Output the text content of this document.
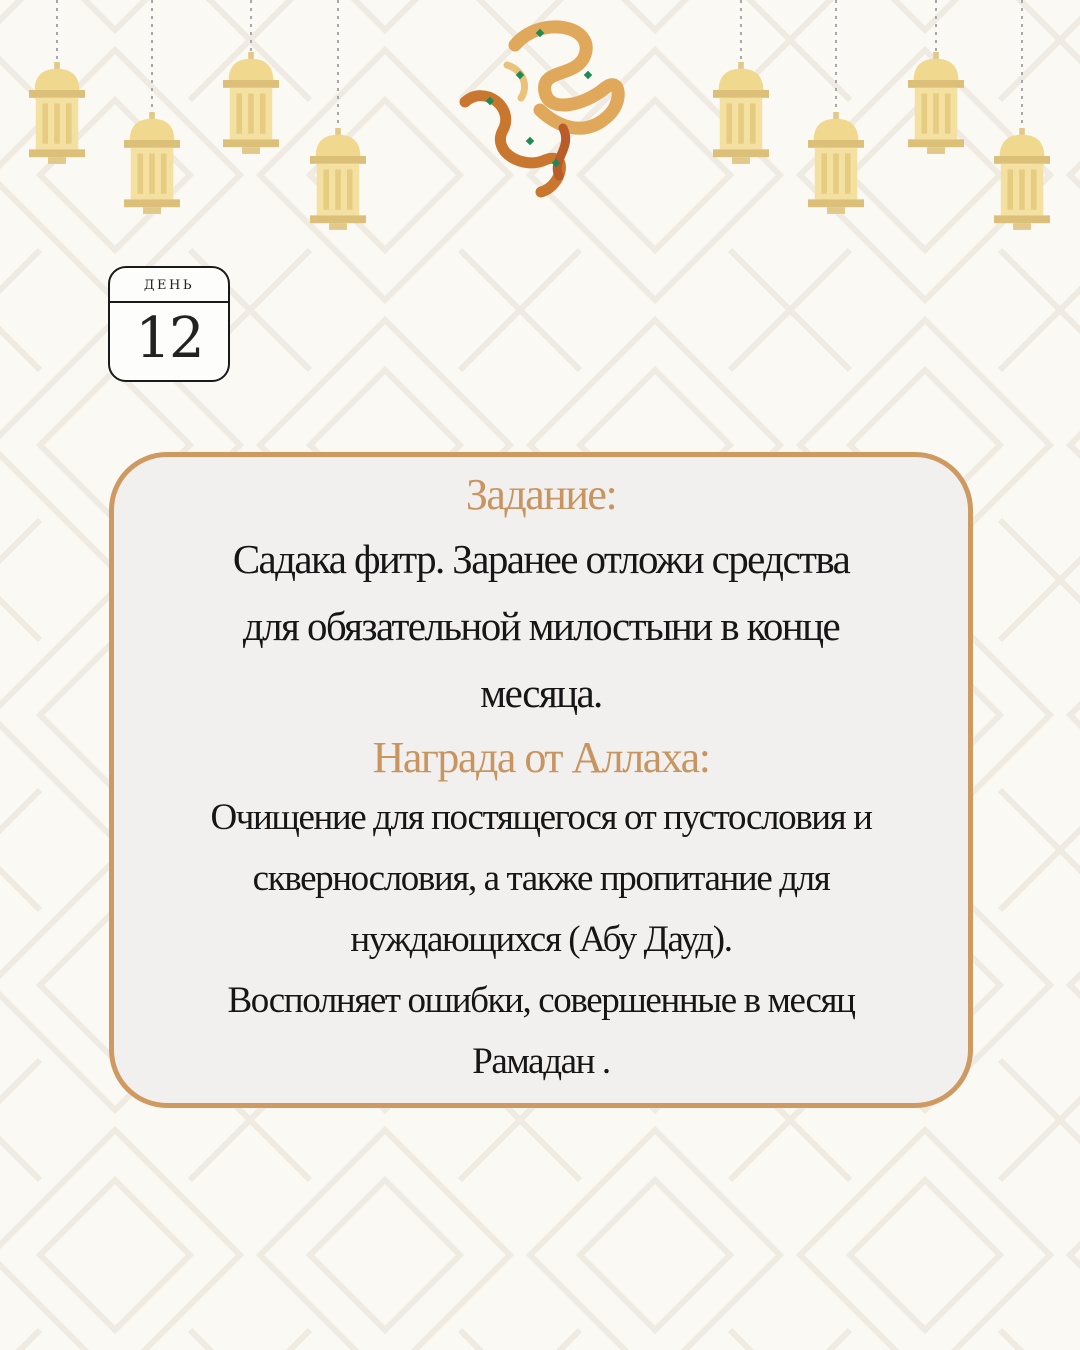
ДЕНЬ
12
Задание:
Садака фитр. Заранее отложи средства
для обязательной милостыни в конце
месяца.
Награда от Аллаха:
Очищение для постящегося от пустословия и
сквернословия, а также пропитание для
нуждающихся (Абу Дауд).
Восполняет ошибки, совершенные в месяц
Рамадан .
